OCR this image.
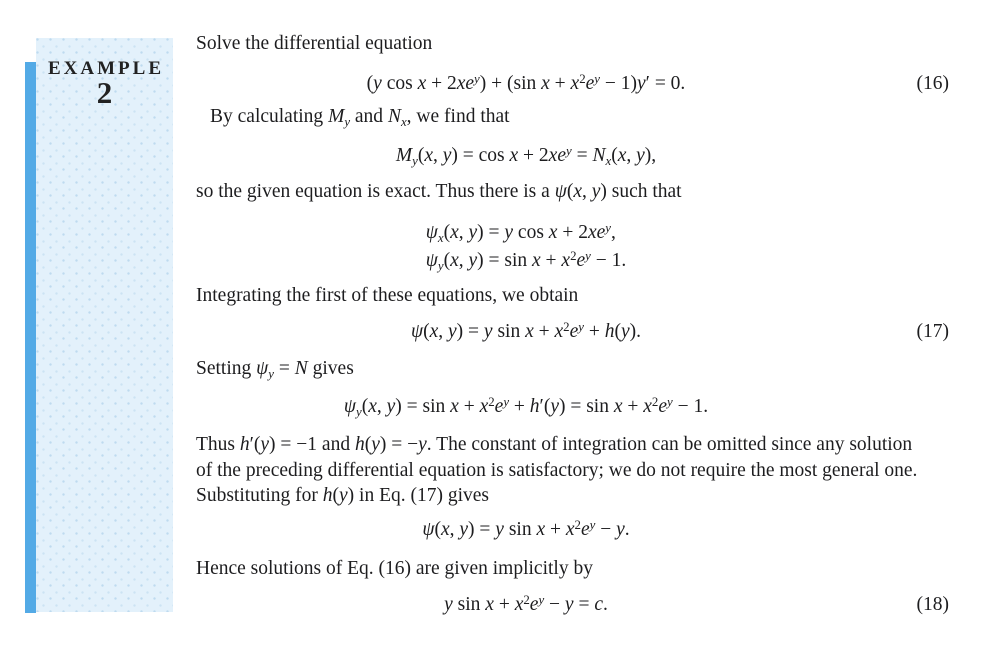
EXAMPLE
2
Solve the differential equation
(y $\cos x + 2xe^y) + (\sin$ $x + x^2e^y - 1)y' = 0$.	(16)
By calculating $M_y$ and $N_x$, we find that
$M_y(x$, $y) = \cos x + 2xe^y = N_x(x$, y),
so the given equation is exact. Thus there is a ψ(x, y) such that
$\psi_x(x$, y) = y $\cos x + 2xe^y$,
$\psi_y(x$, $y) = \sin x + x^2e^y - 1$.
Integrating the first of these equations, we obtain
ψ(x, y) = y $\sin x + x^2e^y + h(y)$.	(17)
Setting $\psi_y = N$ gives
$\psi_y(x$, $y) = \sin x + x^2e^y + h'(y) = \sin x + x^2e^y - 1$.
Thus h′(y) = −1 and h(y) = −y. The constant of integration can be omitted since any solution
of the preceding differential equation is satisfactory; we do not require the most general one.
Substituting for h(y) in Eq. (17) gives
ψ(x, y) = y $\sin x + x^2e^y - y$.
Hence solutions of Eq. (16) are given implicitly by
y $\sin x + x^2e^y - y = c$.	(18)
